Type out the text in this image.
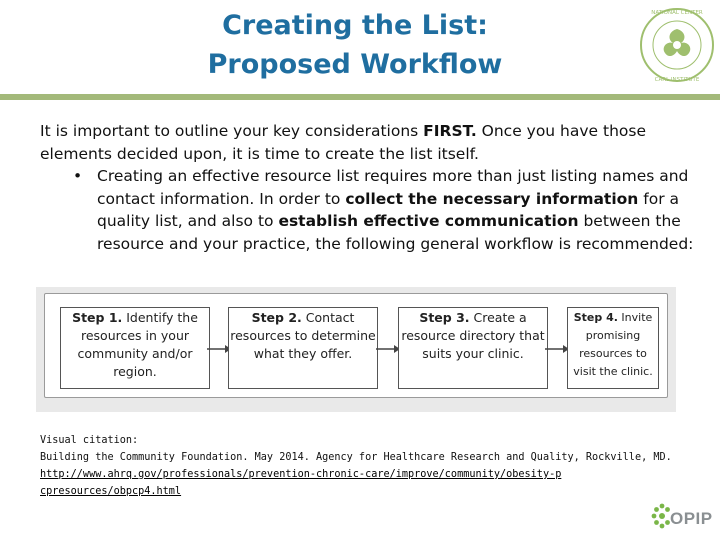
Creating the List:
Proposed Workflow
NATIONAL CENTER
CARL INSTITUTE

It is important to outline your key considerations FIRST. Once you have those elements decided upon, it is time to create the list itself.

• Creating an effective resource list requires more than just listing names and contact information. In order to collect the necessary information for a quality list, and also to establish effective communication between the resource and your practice, the following general workflow is recommended:
Step 1. Identify the resources in your community and/or region.
Step 2. Contact resources to determine what they offer.
Step 3. Create a resource directory that suits your clinic.
Step 4. Invite promising resources to visit the clinic.
Visual citation:
Building the Community Foundation. May 2014. Agency for Healthcare Research and Quality, Rockville, MD.
http://www.ahrq.gov/professionals/prevention-chronic-care/improve/community/obesity-pcpresources/obpcp4.html
OPIP
